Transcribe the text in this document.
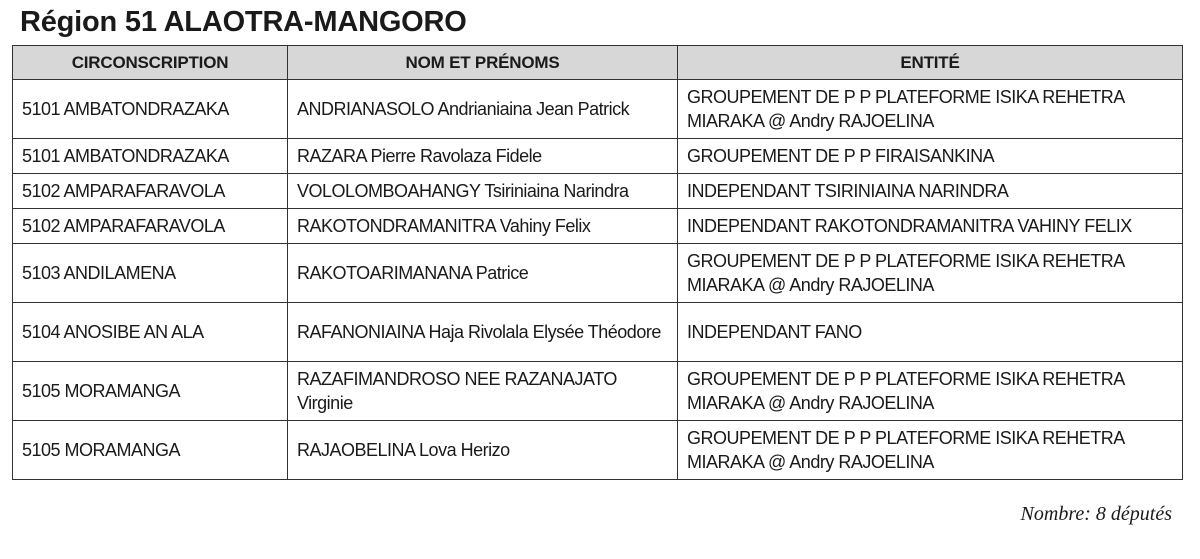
Région 51 ALAOTRA-MANGORO
CIRCONSCRIPTION	NOM ET PRÉNOMS	ENTITÉ
5101 AMBATONDRAZAKA	ANDRIANASOLO Andrianiaina Jean Patrick	GROUPEMENT DE P P PLATEFORME ISIKA REHETRA MIARAKA @ Andry RAJOELINA
5101 AMBATONDRAZAKA	RAZARA Pierre Ravolaza Fidele	GROUPEMENT DE P P FIRAISANKINA
5102 AMPARAFARAVOLA	VOLOLOMBOAHANGY Tsiriniaina Narindra	INDEPENDANT TSIRINIAINA NARINDRA
5102 AMPARAFARAVOLA	RAKOTONDRAMANITRA Vahiny Felix	INDEPENDANT RAKOTONDRAMANITRA VAHINY FELIX
5103 ANDILAMENA	RAKOTOARIMANANA Patrice	GROUPEMENT DE P P PLATEFORME ISIKA REHETRA MIARAKA @ Andry RAJOELINA
5104 ANOSIBE AN ALA	RAFANONIAINA Haja Rivolala Elysée Théodore	INDEPENDANT FANO
5105 MORAMANGA	RAZAFIMANDROSO NEE RAZANAJATO Virginie	GROUPEMENT DE P P PLATEFORME ISIKA REHETRA MIARAKA @ Andry RAJOELINA
5105 MORAMANGA	RAJAOBELINA Lova Herizo	GROUPEMENT DE P P PLATEFORME ISIKA REHETRA MIARAKA @ Andry RAJOELINA
Nombre: 8 députés
